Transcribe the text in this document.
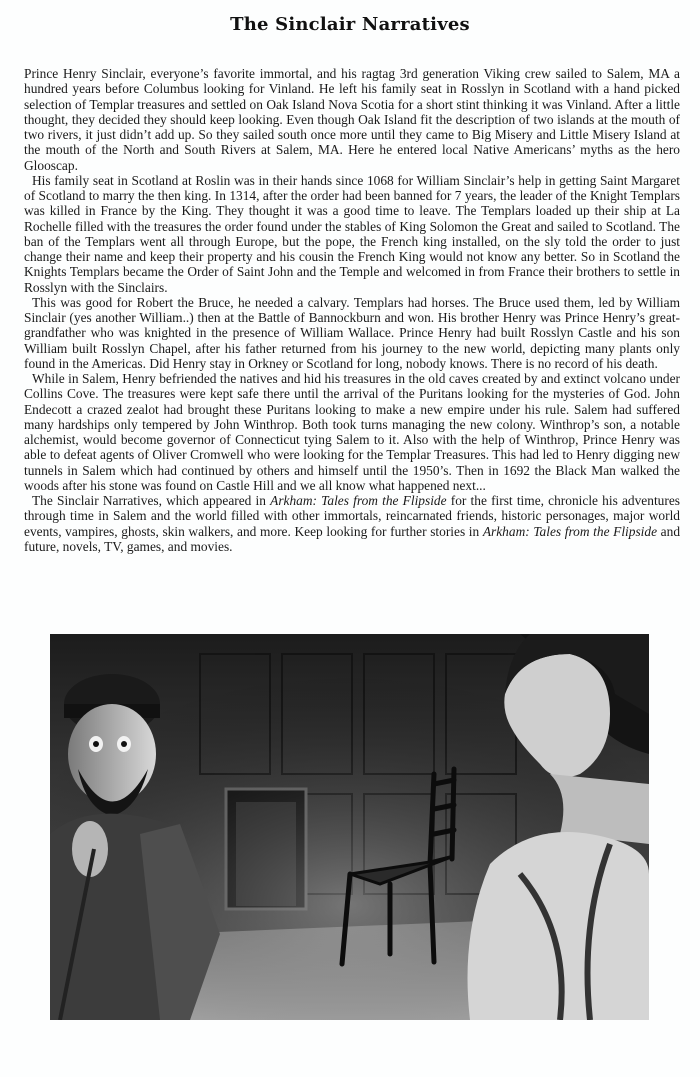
The Sinclair Narratives

Prince Henry Sinclair, everyone’s favorite immortal, and his ragtag 3rd generation Viking crew sailed to Salem, MA a hundred years before Columbus looking for Vinland. He left his family seat in Rosslyn in Scotland with a hand picked selection of Templar treasures and settled on Oak Island Nova Scotia for a short stint thinking it was Vinland. After a little thought, they decided they should keep looking. Even though Oak Island fit the description of two islands at the mouth of two rivers, it just didn’t add up. So they sailed south once more until they came to Big Misery and Little Misery Island at the mouth of the North and South Rivers at Salem, MA. Here he entered local Native Americans’ myths as the hero Glooscap.

His family seat in Scotland at Roslin was in their hands since 1068 for William Sinclair’s help in getting Saint Margaret of Scotland to marry the then king. In 1314, after the order had been banned for 7 years, the leader of the Knight Templars was killed in France by the King. They thought it was a good time to leave. The Templars loaded up their ship at La Rochelle filled with the treasures the order found under the stables of King Solomon the Great and sailed to Scotland. The ban of the Templars went all through Europe, but the pope, the French king installed, on the sly told the order to just change their name and keep their property and his cousin the French King would not know any better. So in Scotland the Knights Templars became the Order of Saint John and the Temple and welcomed in from France their brothers to settle in Rosslyn with the Sinclairs.

This was good for Robert the Bruce, he needed a calvary. Templars had horses. The Bruce used them, led by William Sinclair (yes another William..) then at the Battle of Bannockburn and won. His brother Henry was Prince Henry’s great-grandfather who was knighted in the presence of William Wallace. Prince Henry had built Rosslyn Castle and his son William built Rosslyn Chapel, after his father returned from his journey to the new world, depicting many plants only found in the Americas. Did Henry stay in Orkney or Scotland for long, nobody knows. There is no record of his death.

While in Salem, Henry befriended the natives and hid his treasures in the old caves created by and extinct volcano under Collins Cove. The treasures were kept safe there until the arrival of the Puritans looking for the mysteries of God. John Endecott a crazed zealot had brought these Puritans looking to make a new empire under his rule. Salem had suffered many hardships only tempered by John Winthrop. Both took turns managing the new colony. Winthrop’s son, a notable alchemist, would become governor of Connecticut tying Salem to it. Also with the help of Winthrop, Prince Henry was able to defeat agents of Oliver Cromwell who were looking for the Templar Treasures. This had led to Henry digging new tunnels in Salem which had continued by others and himself until the 1950’s. Then in 1692 the Black Man walked the woods after his stone was found on Castle Hill and we all know what happened next...

The Sinclair Narratives, which appeared in Arkham: Tales from the Flipside for the first time, chronicle his adventures through time in Salem and the world filled with other immortals, reincarnated friends, historic personages, major world events, vampires, ghosts, skin walkers, and more. Keep looking for further stories in Arkham: Tales from the Flipside and future, novels, TV, games, and movies.
